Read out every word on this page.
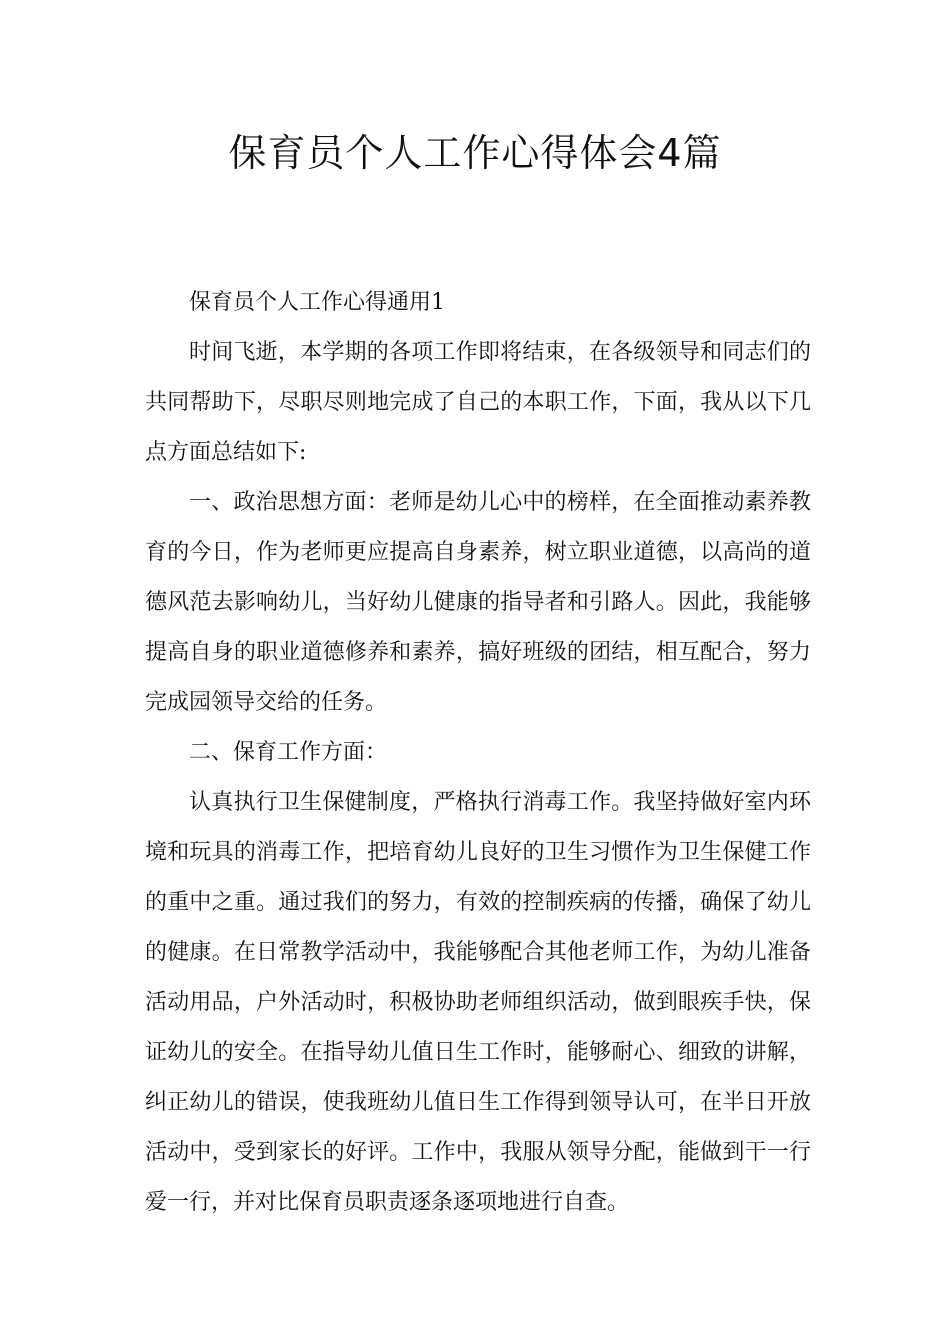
保育员个人工作心得体会4篇

保育员个人工作心得通用1

时间飞逝，本学期的各项工作即将结束，在各级领导和同志们的共同帮助下，尽职尽则地完成了自己的本职工作，下面，我从以下几点方面总结如下:

一、政治思想方面：老师是幼儿心中的榜样，在全面推动素养教育的今日，作为老师更应提高自身素养，树立职业道德，以高尚的道德风范去影响幼儿，当好幼儿健康的指导者和引路人。因此，我能够提高自身的职业道德修养和素养，搞好班级的团结，相互配合，努力完成园领导交给的任务。

二、保育工作方面：

认真执行卫生保健制度，严格执行消毒工作。我坚持做好室内环境和玩具的消毒工作，把培育幼儿良好的卫生习惯作为卫生保健工作的重中之重。通过我们的努力，有效的控制疾病的传播，确保了幼儿的健康。在日常教学活动中，我能够配合其他老师工作，为幼儿准备活动用品，户外活动时，积极协助老师组织活动，做到眼疾手快，保证幼儿的安全。在指导幼儿值日生工作时，能够耐心、细致的讲解，纠正幼儿的错误，使我班幼儿值日生工作得到领导认可，在半日开放活动中，受到家长的好评。工作中，我服从领导分配，能做到干一行爱一行，并对比保育员职责逐条逐项地进行自查。
